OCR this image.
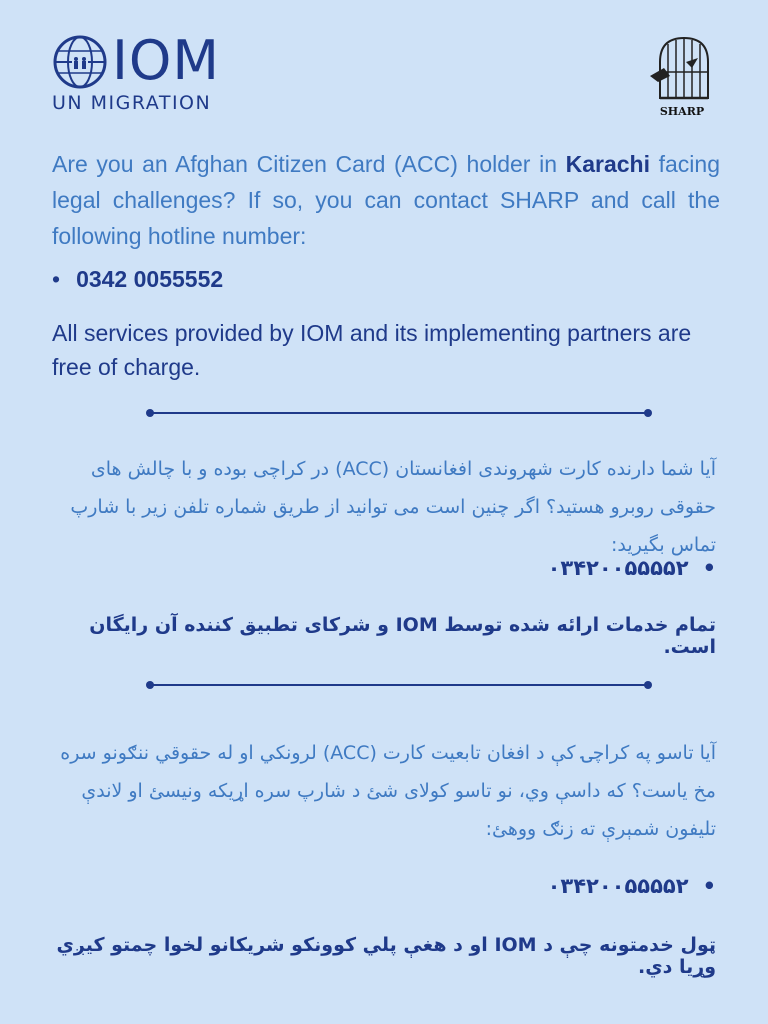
IOM
UN MIGRATION	SHARP
Are you an Afghan Citizen Card (ACC) holder in Karachi facing legal challenges? If so, you can contact SHARP and call the following hotline number:
• 0342 0055552
All services provided by IOM and its implementing partners are free of charge.
آیا شما دارنده کارت شهروندی افغانستان (ACC) در کراچی بوده و با چالش های حقوقی روبرو هستید؟ اگر چنین است می توانید از طریق شماره تلفن زیر با شارپ تماس بگیرید:
•۰۳۴۲۰۰۵۵۵۵۲
تمام خدمات ارائه شده توسط IOM و شرکای تطبیق کننده آن رایگان است.
آیا تاسو په کراچۍ کې د افغان تابعیت کارت (ACC) لرونکي او له حقوقي ننګونو سره مخ یاست؟ که داسې وي، نو تاسو کولای شئ د شارپ سره اړیکه ونیسئ او لاندې تلیفون شمېرې ته زنګ ووهئ:
•۰۳۴۲۰۰۵۵۵۵۲
ټول خدمتونه چې د IOM او د هغې پلي کوونکو شریکانو لخوا چمتو کیږي وړیا دي.
